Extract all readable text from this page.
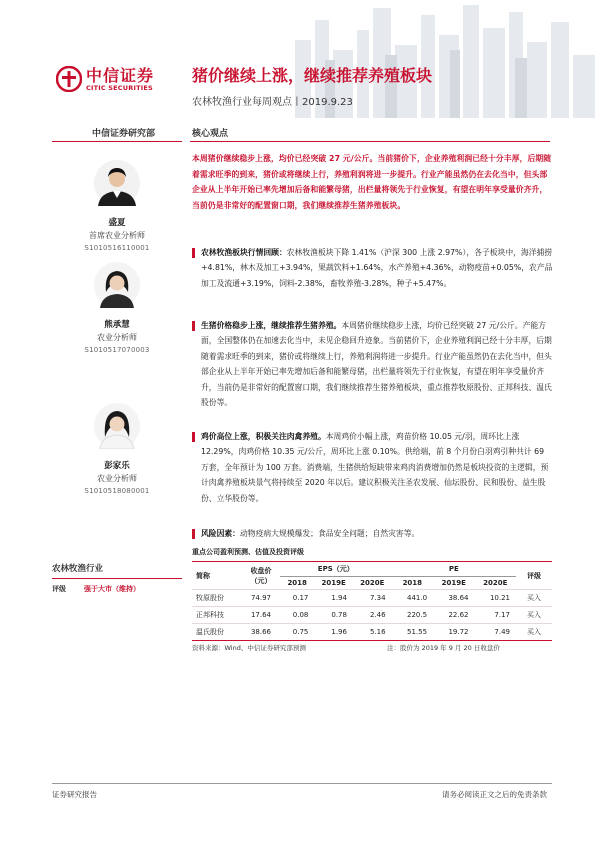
中信证券
CITIC SECURITIES
猪价继续上涨，继续推荐养殖板块
农林牧渔行业每周观点丨2019.9.23
中信证券研究部	核心观点
盛夏
首席农业分析师
S1010516110001
熊承慧
农业分析师
S1010517070003
彭家乐
农业分析师
S1010518080001
本周猪价继续稳步上涨，均价已经突破 27 元/公斤。当前猪价下，企业养殖利润已经十分丰厚，后期随着需求旺季的到来，猪价或将继续上行，养殖利润将进一步提升。行业产能虽然仍在去化当中，但头部企业从上半年开始已率先增加后备和能繁母猪，出栏量将领先于行业恢复，有望在明年享受量价齐升，当前仍是非常好的配置窗口期，我们继续推荐生猪养殖板块。
农林牧渔板块行情回顾：农林牧渔板块下降 1.41%（沪深 300 上涨 2.97%），各子板块中，海洋捕捞+4.81%，林木及加工+3.94%，果蔬饮料+1.64%，水产养殖+4.36%，动物疫苗+0.05%，农产品加工及流通+3.19%，饲料-2.38%，畜牧养殖-3.28%，种子+5.47%。
生猪价格稳步上涨，继续推荐生猪养殖。本周猪价继续稳步上涨，均价已经突破 27 元/公斤。产能方面，全国整体仍在加速去化当中，未见企稳回升迹象。当前猪价下，企业养殖利润已经十分丰厚，后期随着需求旺季的到来，猪价或将继续上行，养殖利润将进一步提升。行业产能虽然仍在去化当中，但头部企业从上半年开始已率先增加后备和能繁母猪，出栏量将领先于行业恢复，有望在明年享受量价齐升，当前仍是非常好的配置窗口期，我们继续推荐生猪养殖板块，重点推荐牧原股份、正邦科技、温氏股份等。
鸡价高位上涨，积极关注肉禽养殖。本周鸡价小幅上涨，鸡苗价格 10.05 元/羽，周环比上涨 12.29%，肉鸡价格 10.35 元/公斤，周环比上涨 0.10%。供给端，前 8 个月份白羽鸡引种共计 69 万套，全年预计为 100 万套。消费端，生猪供给短缺带来鸡肉消费增加仍然是板块投资的主逻辑，预计肉禽养殖板块景气将持续至 2020 年以后。建议积极关注圣农发展、仙坛股份、民和股份、益生股份、立华股份等。
风险因素：动物疫病大规模爆发；食品安全问题；自然灾害等。
农林牧渔行业
评级	强于大市（维持）
重点公司盈利预测、估值及投资评级
简称	收盘价（元）	EPS（元）			PE			评级
		2018	2019E	2020E	2018	2019E	2020E	
牧原股份	74.97	0.17	1.94	7.34	441.0	38.64	10.21	买入
正邦科技	17.64	0.08	0.78	2.46	220.5	22.62	7.17	买入
温氏股份	38.66	0.75	1.96	5.16	51.55	19.72	7.49	买入
资料来源：Wind、中信证券研究部预测	注：股价为 2019 年 9 月 20 日收盘价
证券研究报告	请务必阅读正文之后的免责条款
